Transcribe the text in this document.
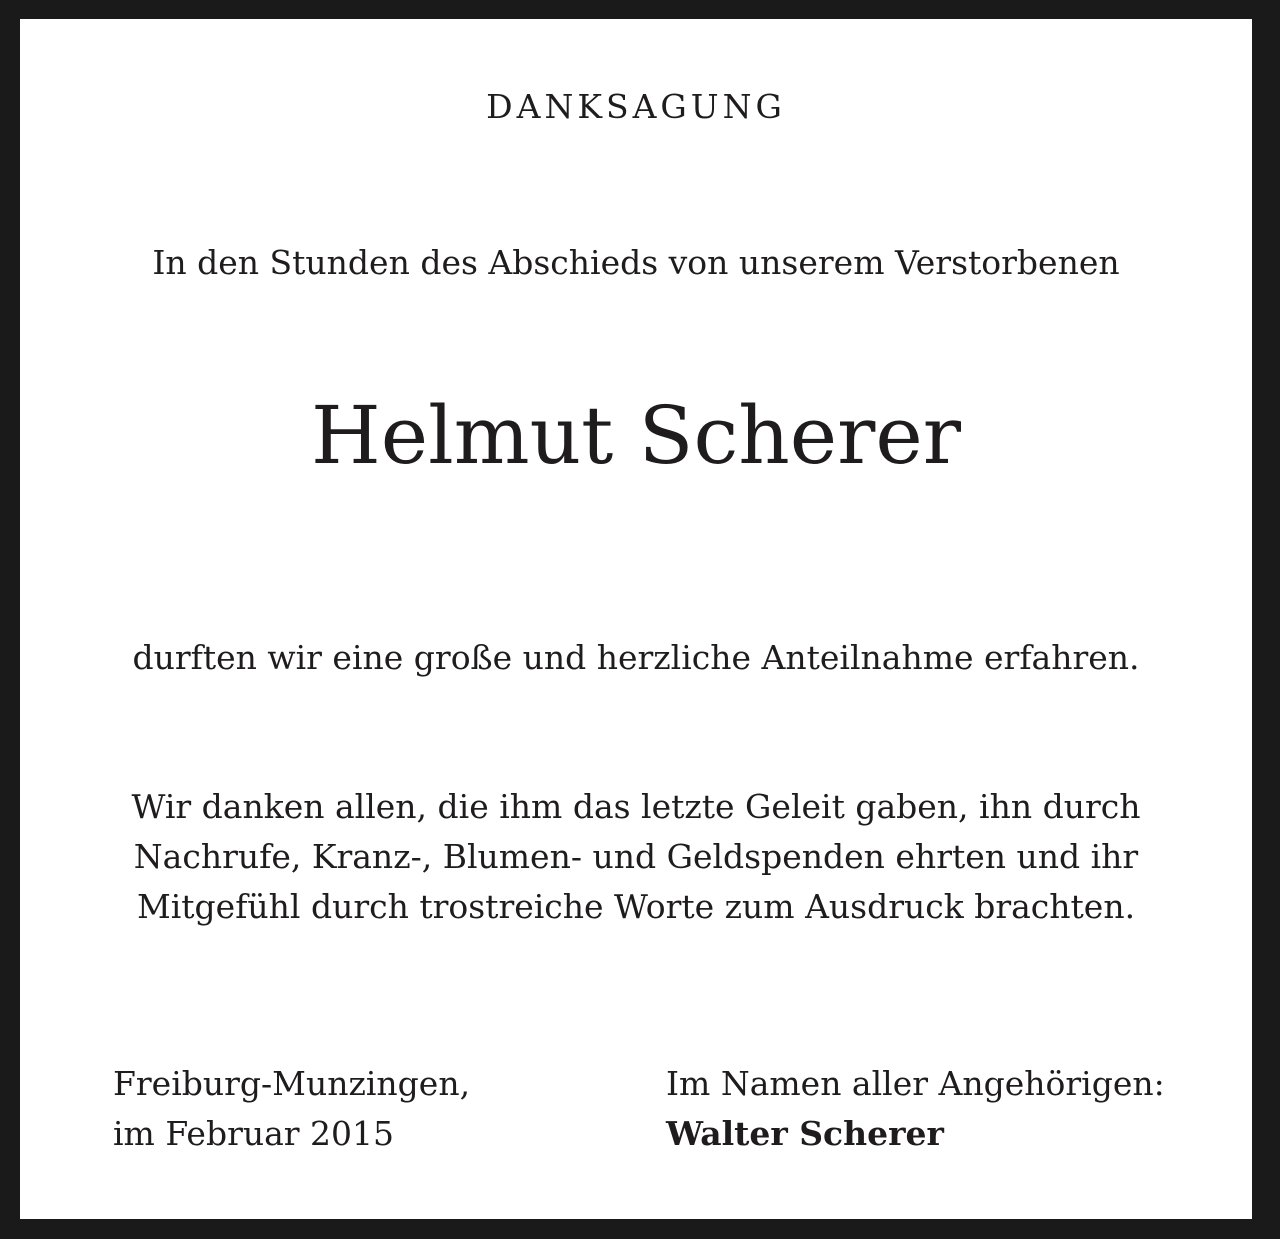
DANKSAGUNG
In den Stunden des Abschieds von unserem Verstorbenen
Helmut Scherer
durften wir eine große und herzliche Anteilnahme erfahren.
Wir danken allen, die ihm das letzte Geleit gaben, ihn durch
Nachrufe, Kranz-, Blumen- und Geldspenden ehrten und ihr
Mitgefühl durch trostreiche Worte zum Ausdruck brachten.
Freiburg-Munzingen,
im Februar 2015
Im Namen aller Angehörigen:
Walter Scherer
